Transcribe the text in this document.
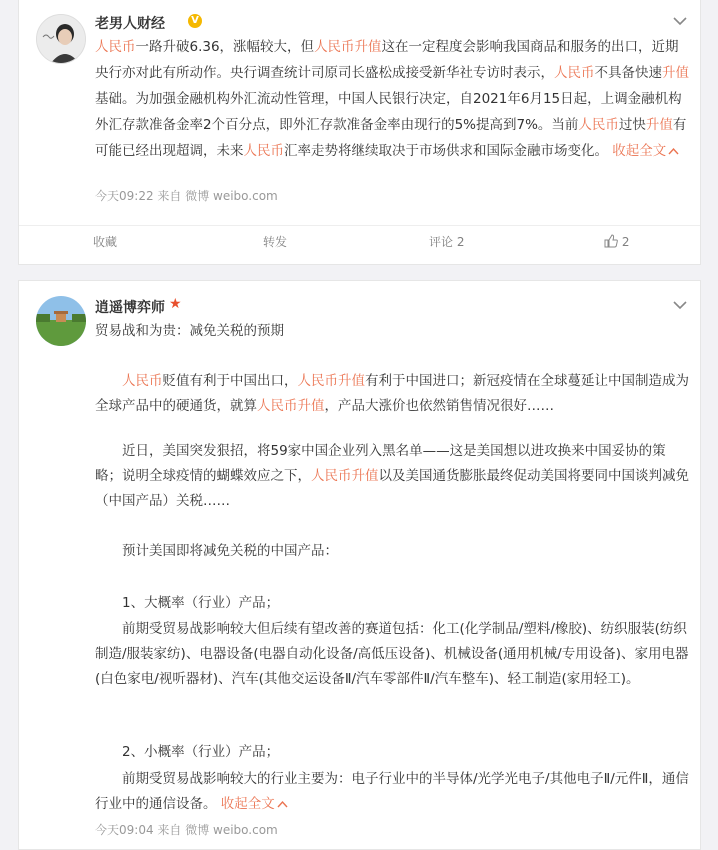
老男人财经	V
人民币一路升破6.36，涨幅较大，但人民币升值这在一定程度会影响我国商品和服务的出口，近期央行亦对此有所动作。央行调查统计司原司长盛松成接受新华社专访时表示，人民币不具备快速升值基础。为加强金融机构外汇流动性管理，中国人民银行决定，自2021年6月15日起，上调金融机构外汇存款准备金率2个百分点，即外汇存款准备金率由现行的5%提高到7%。当前人民币过快升值有可能已经出现超调，未来人民币汇率走势将继续取决于市场供求和国际金融市场变化。 收起全文
今天09:22 来自 微博 weibo.com
收藏	转发	评论 2	2
逍遥博弈师 ★
贸易战和为贵：减免关税的预期
人民币贬值有利于中国出口，人民币升值有利于中国进口；新冠疫情在全球蔓延让中国制造成为全球产品中的硬通货，就算人民币升值，产品大涨价也依然销售情况很好……
近日，美国突发狠招，将59家中国企业列入黑名单——这是美国想以进攻换来中国妥协的策略；说明全球疫情的蝴蝶效应之下，人民币升值以及美国通货膨胀最终促动美国将要同中国谈判减免（中国产品）关税……
预计美国即将减免关税的中国产品：
1、大概率（行业）产品；
前期受贸易战影响较大但后续有望改善的赛道包括：化工(化学制品/塑料/橡胶)、纺织服装(纺织制造/服装家纺)、电器设备(电器自动化设备/高低压设备)、机械设备(通用机械/专用设备)、家用电器(白色家电/视听器材)、汽车(其他交运设备Ⅱ/汽车零部件Ⅱ/汽车整车)、轻工制造(家用轻工)。
2、小概率（行业）产品；
前期受贸易战影响较大的行业主要为：电子行业中的半导体/光学光电子/其他电子Ⅱ/元件Ⅱ，通信行业中的通信设备。 收起全文
今天09:04 来自 微博 weibo.com
